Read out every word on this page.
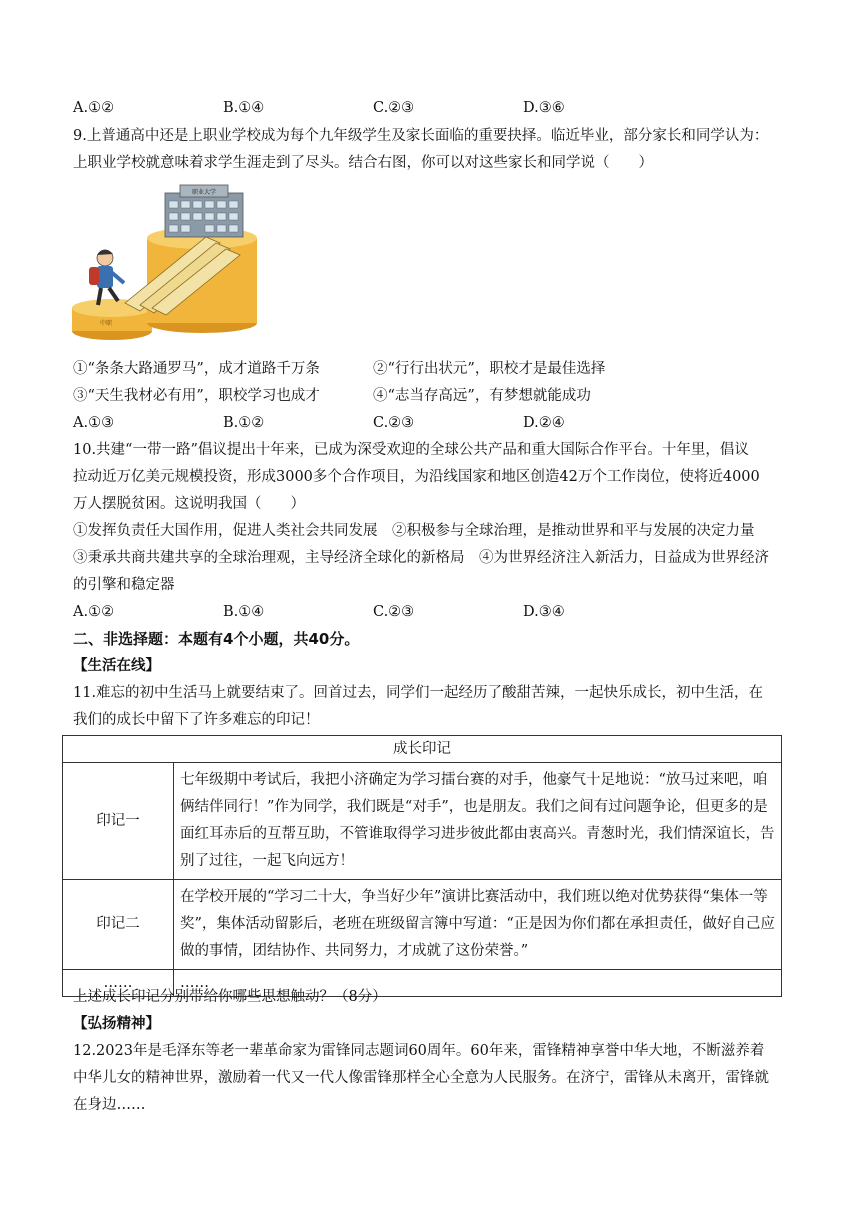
A.①②	B.①④	C.②③	D.③⑥
9.上普通高中还是上职业学校成为每个九年级学生及家长面临的重要抉择。临近毕业，部分家长和同学认为：
上职业学校就意味着求学生涯走到了尽头。结合右图，你可以对这些家长和同学说（　　）
职业大学
中职
①“条条大路通罗马”，成才道路千万条	②“行行出状元”，职校才是最佳选择
③“天生我材必有用”，职校学习也成才	④“志当存高远”，有梦想就能成功
A.①③	B.①②	C.②③	D.②④
10.共建“一带一路”倡议提出十年来，已成为深受欢迎的全球公共产品和重大国际合作平台。十年里，倡议
拉动近万亿美元规模投资，形成3000多个合作项目，为沿线国家和地区创造42万个工作岗位，使将近4000
万人摆脱贫困。这说明我国（　　）
①发挥负责任大国作用，促进人类社会共同发展　②积极参与全球治理，是推动世界和平与发展的决定力量
③秉承共商共建共享的全球治理观，主导经济全球化的新格局　④为世界经济注入新活力，日益成为世界经济
的引擎和稳定器
A.①②	B.①④	C.②③	D.③④
二、非选择题：本题有4个小题，共40分。
【生活在线】
11.难忘的初中生活马上就要结束了。回首过去，同学们一起经历了酸甜苦辣，一起快乐成长，初中生活，在
我们的成长中留下了许多难忘的印记！
成长印记	
印记一	七年级期中考试后，我把小济确定为学习擂台赛的对手，他豪气十足地说：“放马过来吧，咱俩结伴同行！”作为同学，我们既是“对手”，也是朋友。我们之间有过问题争论，但更多的是面红耳赤后的互帮互助，不管谁取得学习进步彼此都由衷高兴。青葱时光，我们情深谊长，告别了过往，一起飞向远方！
印记二	在学校开展的“学习二十大，争当好少年”演讲比赛活动中，我们班以绝对优势获得“集体一等奖”，集体活动留影后，老班在班级留言簿中写道：“正是因为你们都在承担责任，做好自己应做的事情，团结协作、共同努力，才成就了这份荣誉。”
……	……
上述成长印记分别带给你哪些思想触动？（8分）
【弘扬精神】
12.2023年是毛泽东等老一辈革命家为雷锋同志题词60周年。60年来，雷锋精神享誉中华大地，不断滋养着
中华儿女的精神世界，激励着一代又一代人像雷锋那样全心全意为人民服务。在济宁，雷锋从未离开，雷锋就
在身边……
